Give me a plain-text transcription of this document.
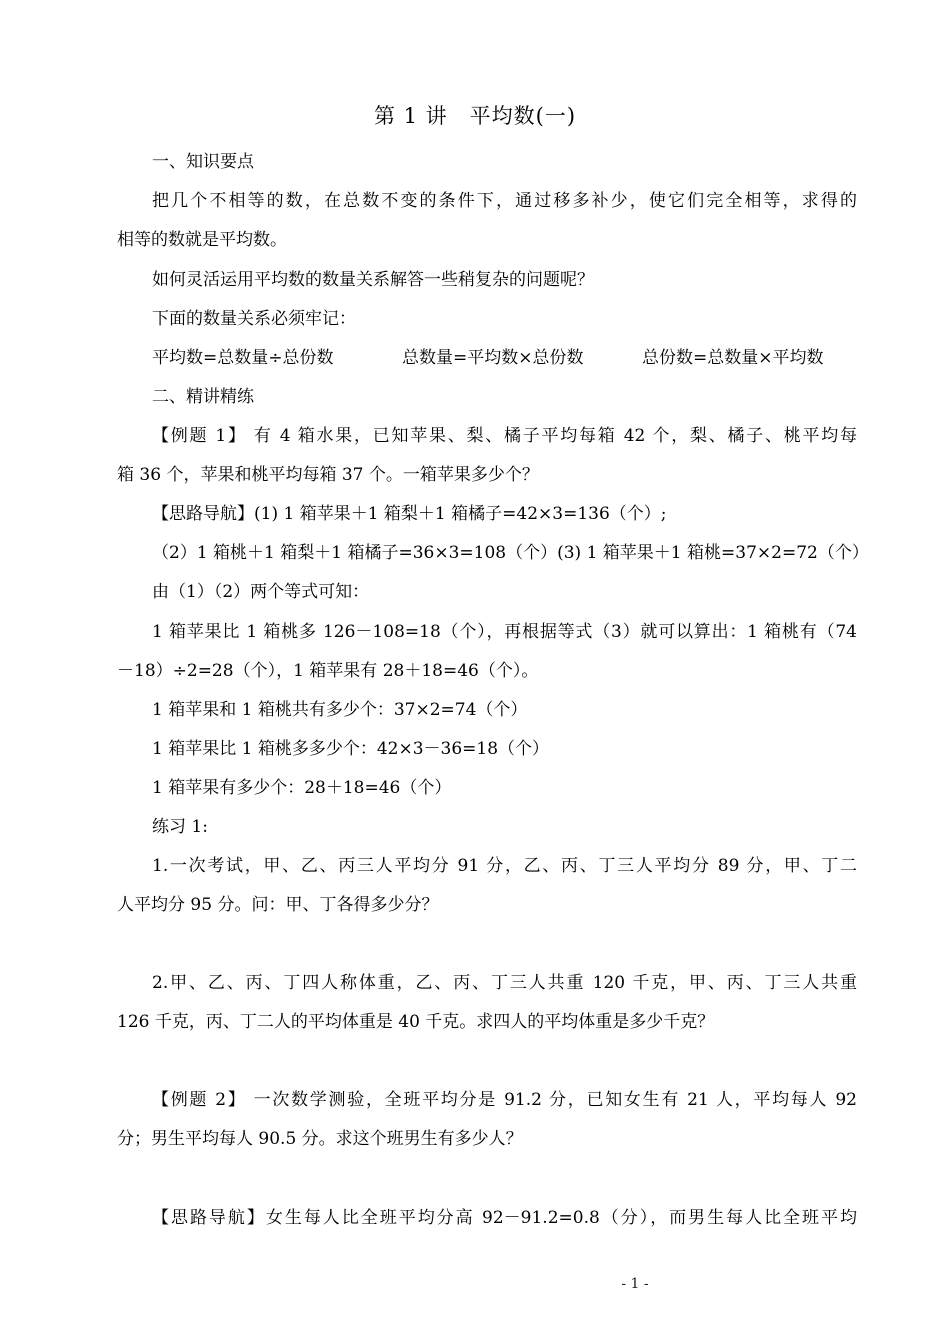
第 1 讲　平均数(一)
一、知识要点
把几个不相等的数，在总数不变的条件下，通过移多补少，使它们完全相等，求得的
相等的数就是平均数。
如何灵活运用平均数的数量关系解答一些稍复杂的问题呢？
下面的数量关系必须牢记：
平均数=总数量÷总份数	总数量=平均数×总份数	总份数=总数量×平均数
二、精讲精练
【例题 1】 有 4 箱水果，已知苹果、梨、橘子平均每箱 42 个，梨、橘子、桃平均每
箱 36 个，苹果和桃平均每箱 37 个。一箱苹果多少个？
【思路导航】(1) 1 箱苹果＋1 箱梨＋1 箱橘子=42×3=136（个）;
（2）1 箱桃＋1 箱梨＋1 箱橘子=36×3=108（个）(3) 1 箱苹果＋1 箱桃=37×2=72（个）
由（1）（2）两个等式可知：
1 箱苹果比 1 箱桃多 126－108=18（个），再根据等式（3）就可以算出：1 箱桃有（74
－18）÷2=28（个），1 箱苹果有 28＋18=46（个）。
1 箱苹果和 1 箱桃共有多少个：37×2=74（个）
1 箱苹果比 1 箱桃多多少个：42×3－36=18（个）
1 箱苹果有多少个：28＋18=46（个）
练习 1:
1.一次考试，甲、乙、丙三人平均分 91 分，乙、丙、丁三人平均分 89 分，甲、丁二
人平均分 95 分。问：甲、丁各得多少分？
2.甲、乙、丙、丁四人称体重，乙、丙、丁三人共重 120 千克，甲、丙、丁三人共重
126 千克，丙、丁二人的平均体重是 40 千克。求四人的平均体重是多少千克？
【例题 2】 一次数学测验，全班平均分是 91.2 分，已知女生有 21 人，平均每人 92
分；男生平均每人 90.5 分。求这个班男生有多少人？
【思路导航】女生每人比全班平均分高 92－91.2=0.8（分），而男生每人比全班平均
- 1 -
